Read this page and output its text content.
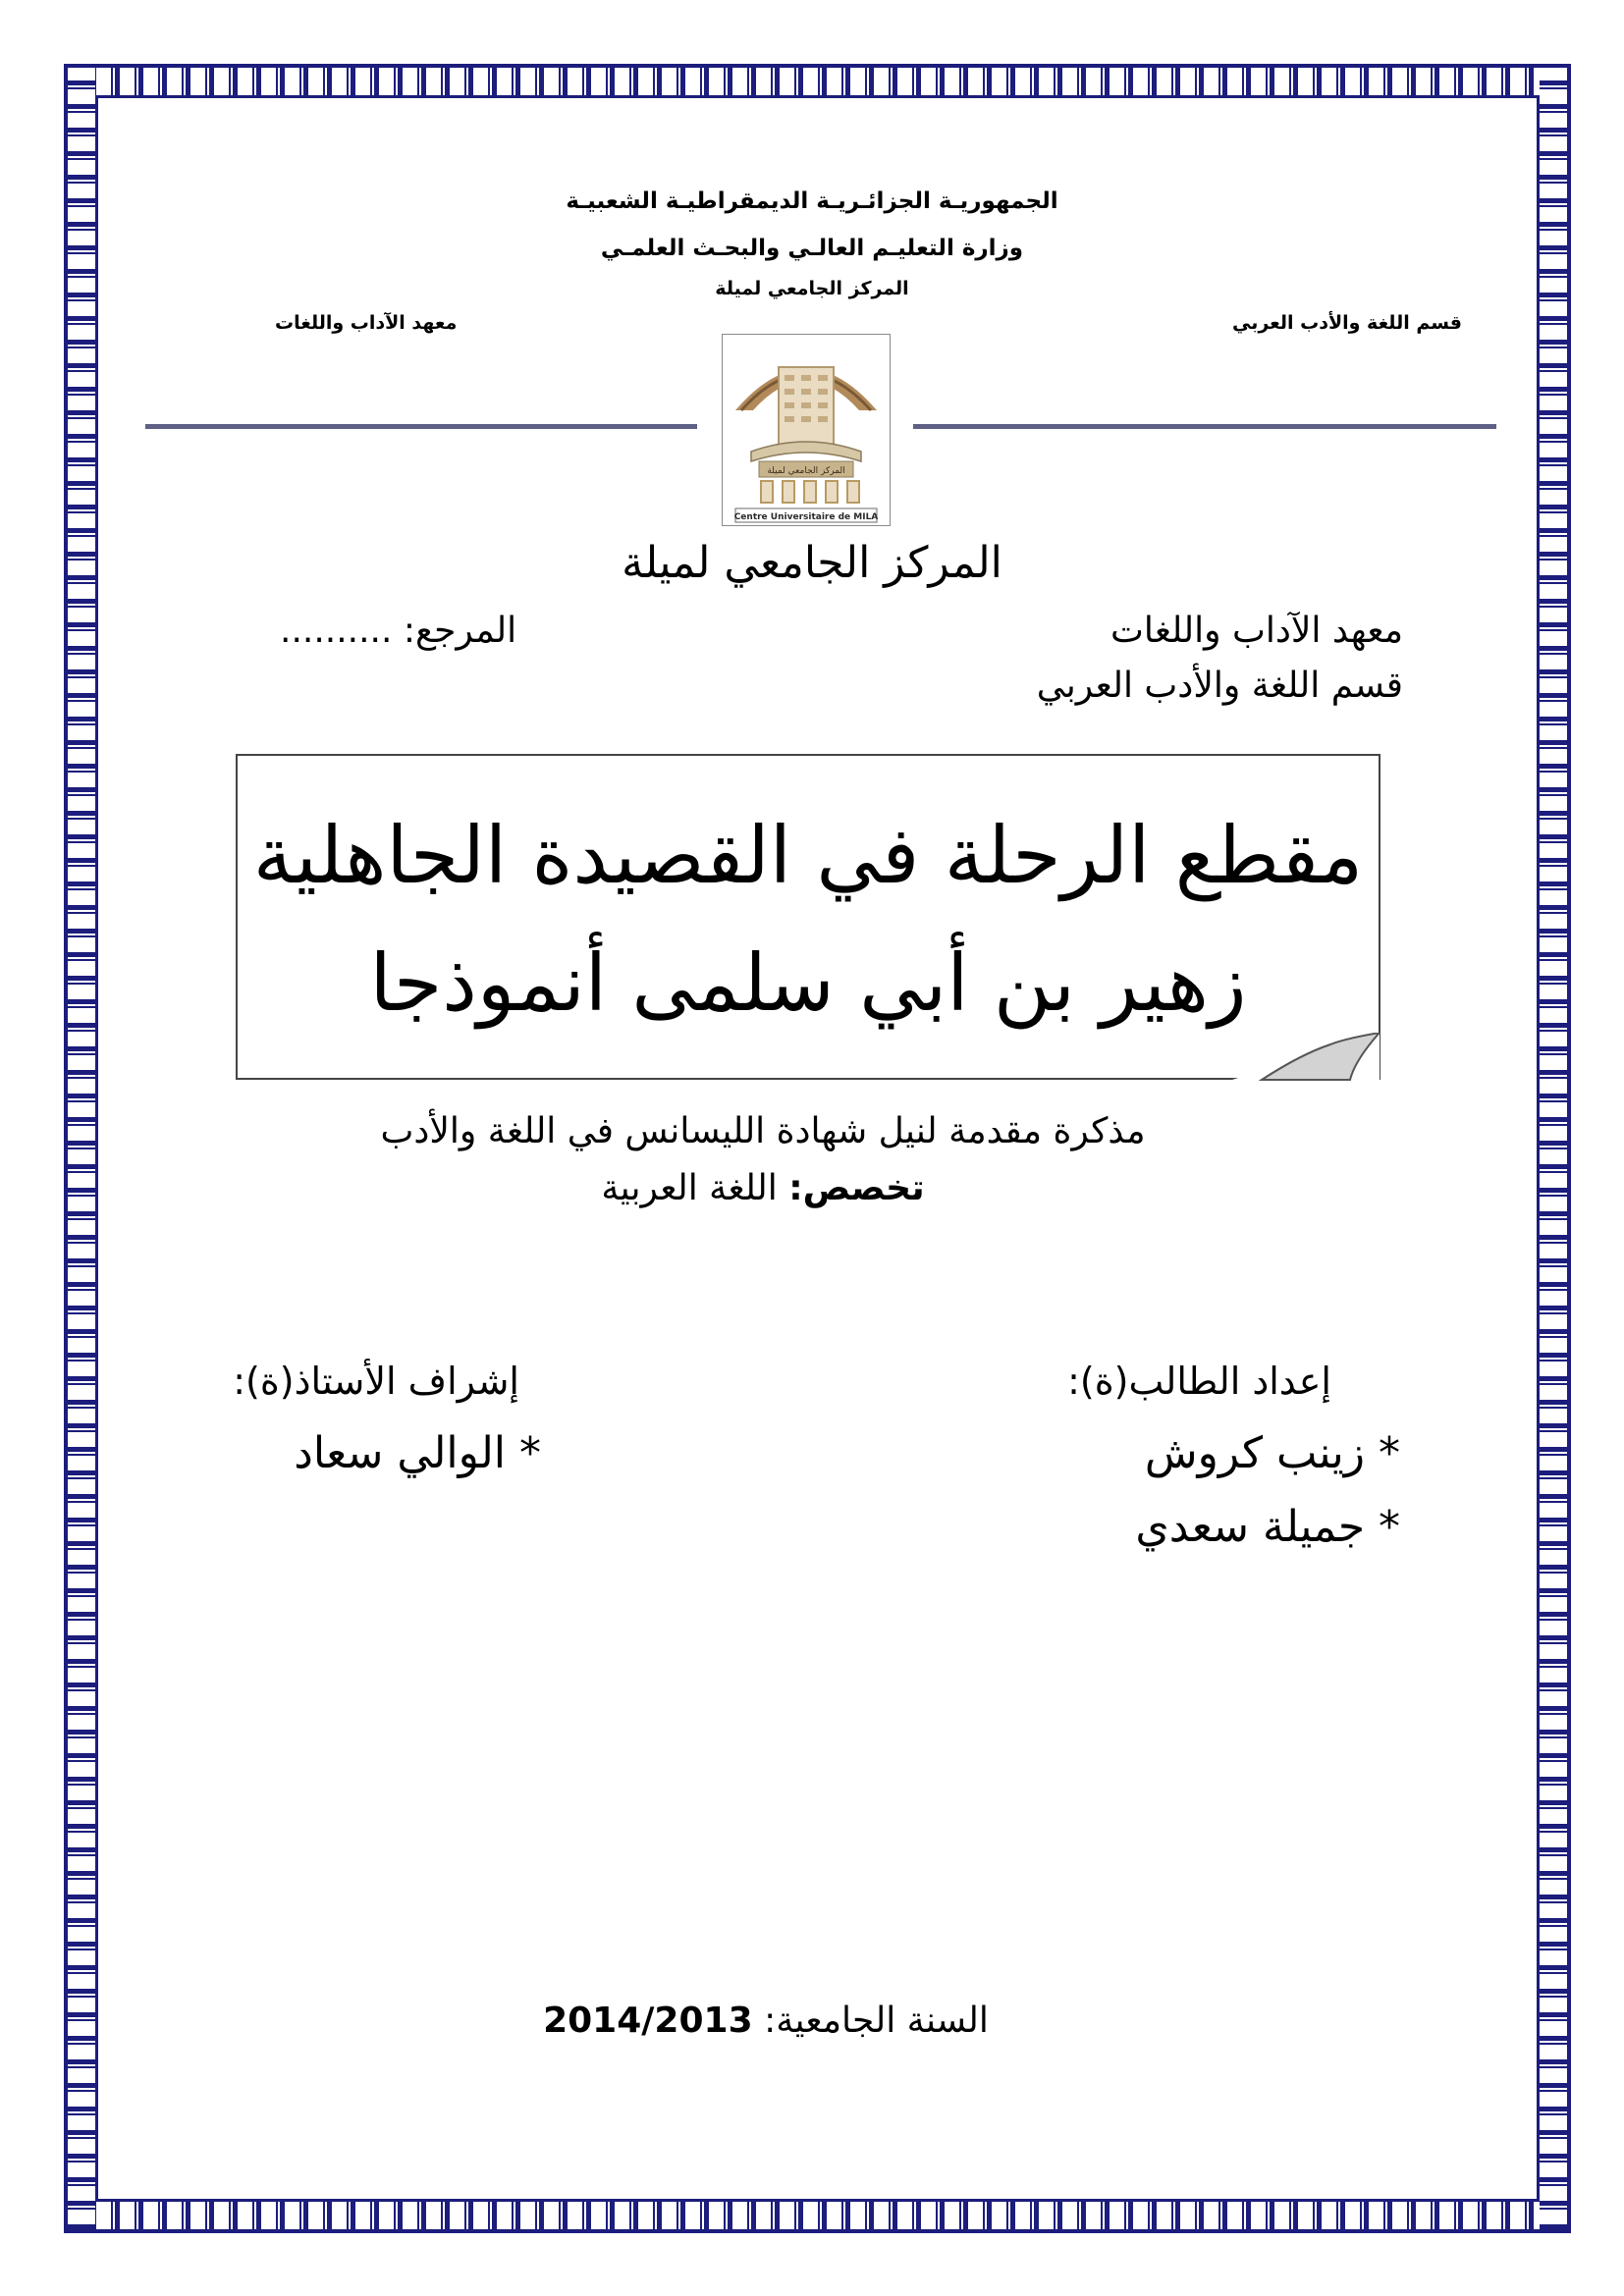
الجمهوريـة الجزائـريـة الديمقراطيـة الشعبيـة
وزارة التعليـم العالـي والبحـث العلمـي
المركز الجامعي لميلة
قسم اللغة والأدب العربي
معهد الآداب واللغات
المركز الجامعي لميلة
Centre Universitaire de MILA
المركز الجامعي لميلة
معهد الآداب واللغات
المرجع: ..........
قسم اللغة والأدب العربي
مقطع الرحلة في القصيدة الجاهلية
زهير بن أبي سلمى أنموذجا
مذكرة مقدمة لنيل شهادة الليسانس في اللغة والأدب
تخصص: اللغة العربية
إعداد الطالب(ة):
إشراف الأستاذ(ة):
* زينب كروش
* الوالي سعاد
* جميلة سعدي
السنة الجامعية: 2014/2013
